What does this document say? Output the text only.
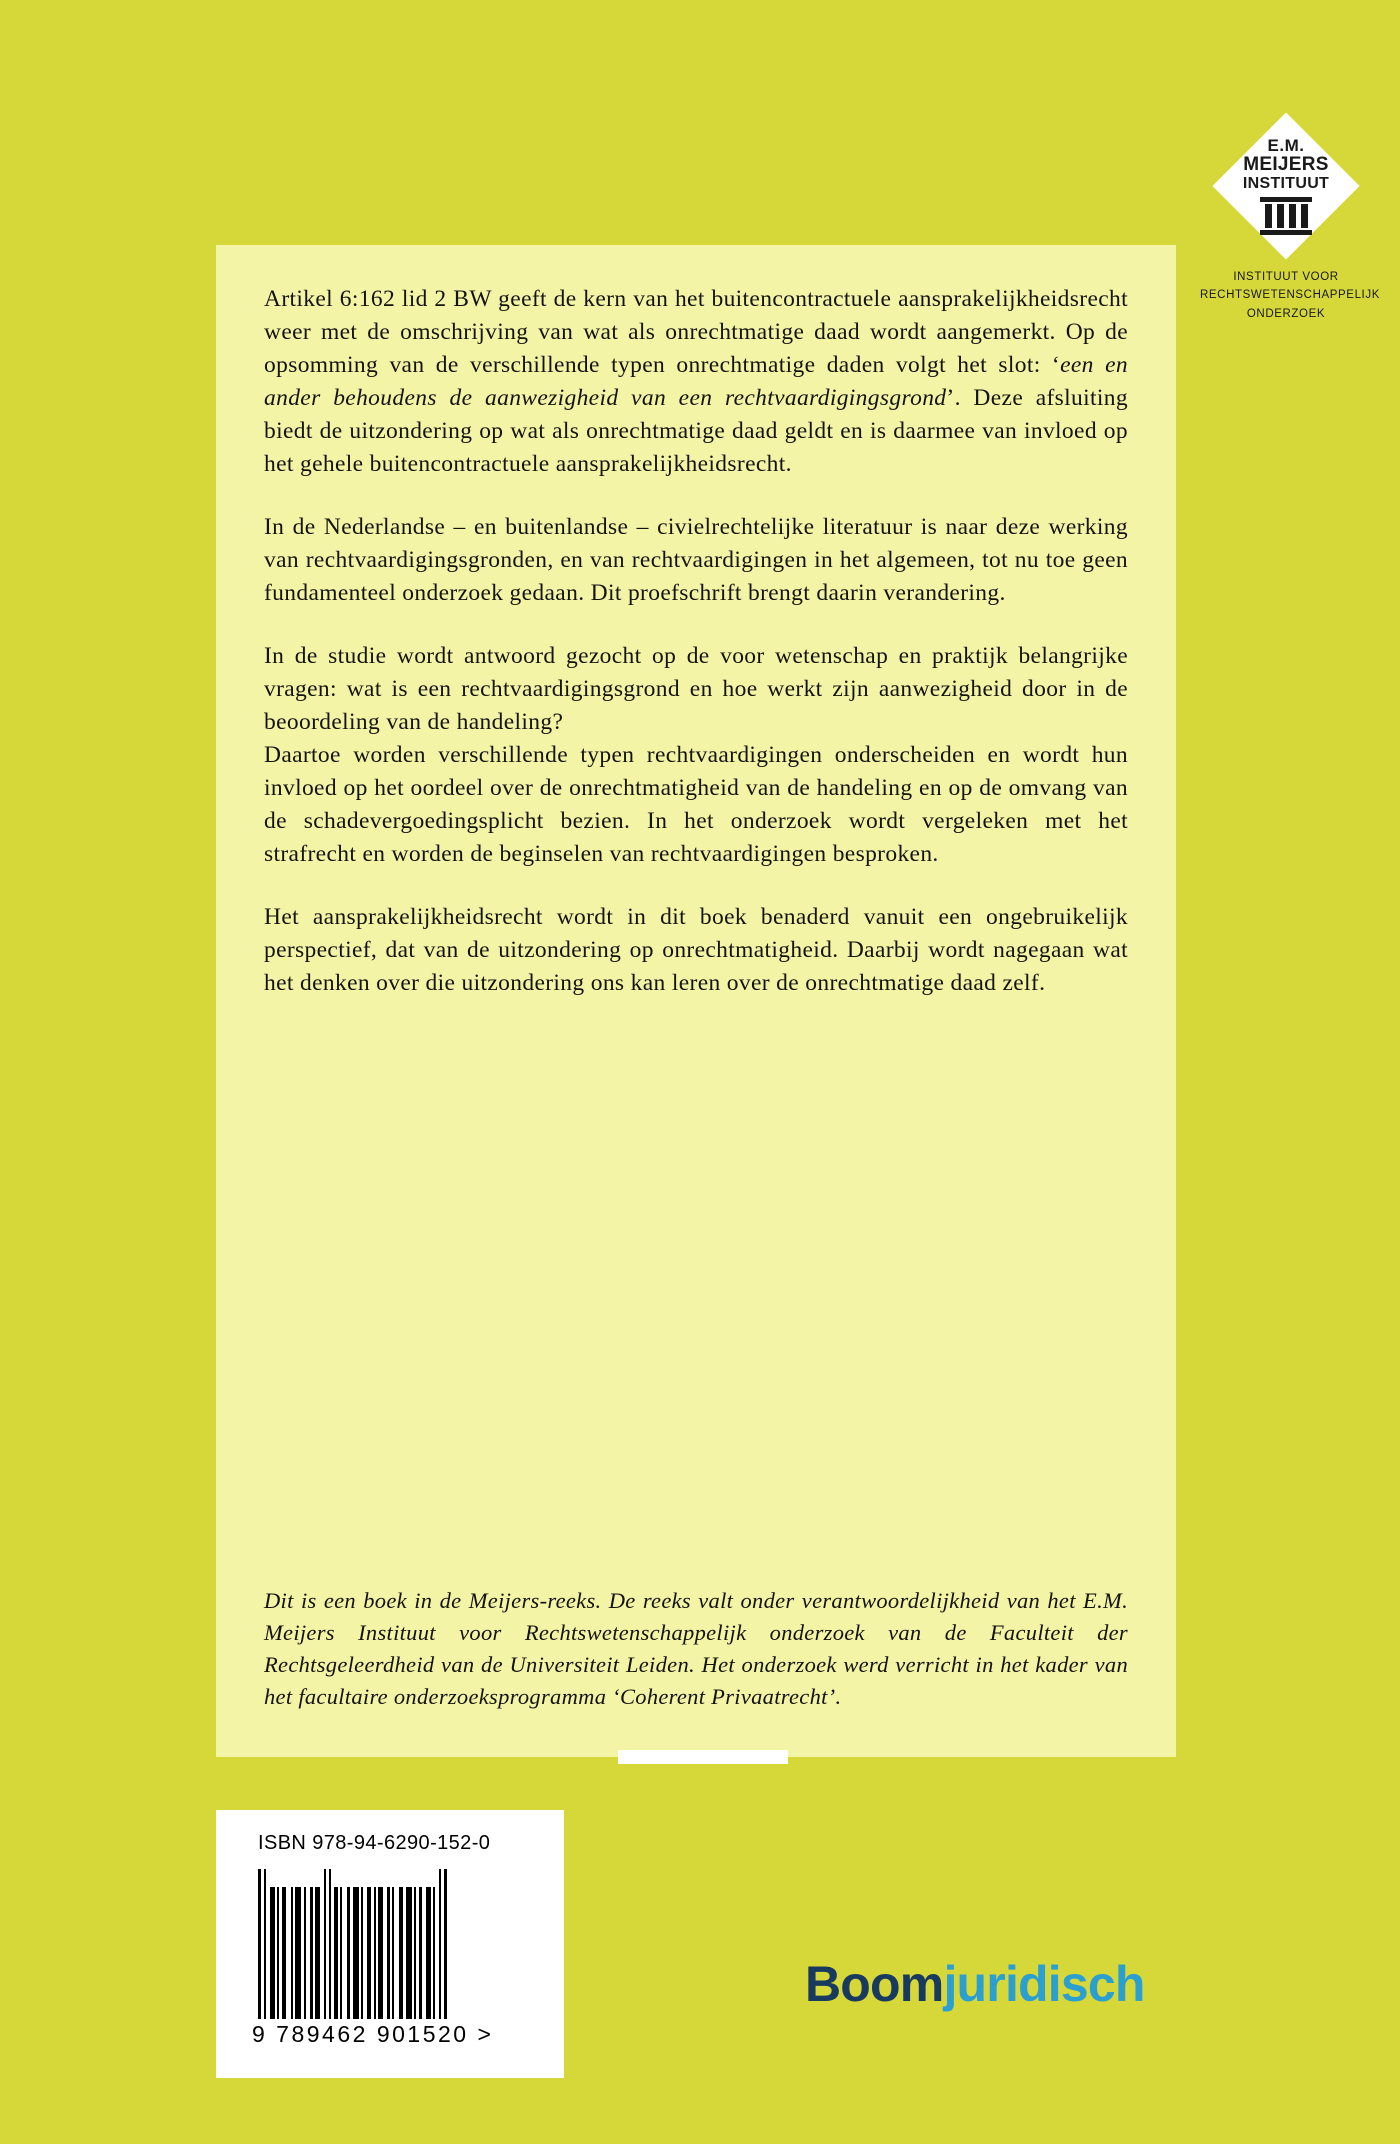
E.M.
MEIJERS
INSTITUUT
INSTITUUT VOOR
RECHTSWETENSCHAPPELIJK
ONDERZOEK

Artikel 6:162 lid 2 BW geeft de kern van het buitencontractuele aansprakelijkheidsrecht weer met de omschrijving van wat als onrechtmatige daad wordt aangemerkt. Op de opsomming van de verschillende typen onrechtmatige daden volgt het slot: ‘een en ander behoudens de aanwezigheid van een rechtvaardigingsgrond’. Deze afsluiting biedt de uitzondering op wat als onrechtmatige daad geldt en is daarmee van invloed op het gehele buitencontractuele aansprakelijkheidsrecht.

In de Nederlandse – en buitenlandse – civielrechtelijke literatuur is naar deze werking van rechtvaardigingsgronden, en van rechtvaardigingen in het algemeen, tot nu toe geen fundamenteel onderzoek gedaan. Dit proefschrift brengt daarin verandering.

In de studie wordt antwoord gezocht op de voor wetenschap en praktijk belangrijke vragen: wat is een rechtvaardigingsgrond en hoe werkt zijn aanwezigheid door in de beoordeling van de handeling?

Daartoe worden verschillende typen rechtvaardigingen onderscheiden en wordt hun invloed op het oordeel over de onrechtmatigheid van de handeling en op de omvang van de schadevergoedingsplicht bezien. In het onderzoek wordt vergeleken met het strafrecht en worden de beginselen van rechtvaardigingen besproken.

Het aansprakelijkheidsrecht wordt in dit boek benaderd vanuit een ongebruikelijk perspectief, dat van de uitzondering op onrechtmatigheid. Daarbij wordt nagegaan wat het denken over die uitzondering ons kan leren over de onrechtmatige daad zelf.

Dit is een boek in de Meijers-reeks. De reeks valt onder verantwoordelijkheid van het E.M. Meijers Instituut voor Rechtswetenschappelijk onderzoek van de Faculteit der Rechtsgeleerdheid van de Universiteit Leiden. Het onderzoek werd verricht in het kader van het facultaire onderzoeksprogramma ‘Coherent Privaatrecht’.
ISBN 978-94-6290-152-0
9 789462 901520 >
Boomjuridisch
